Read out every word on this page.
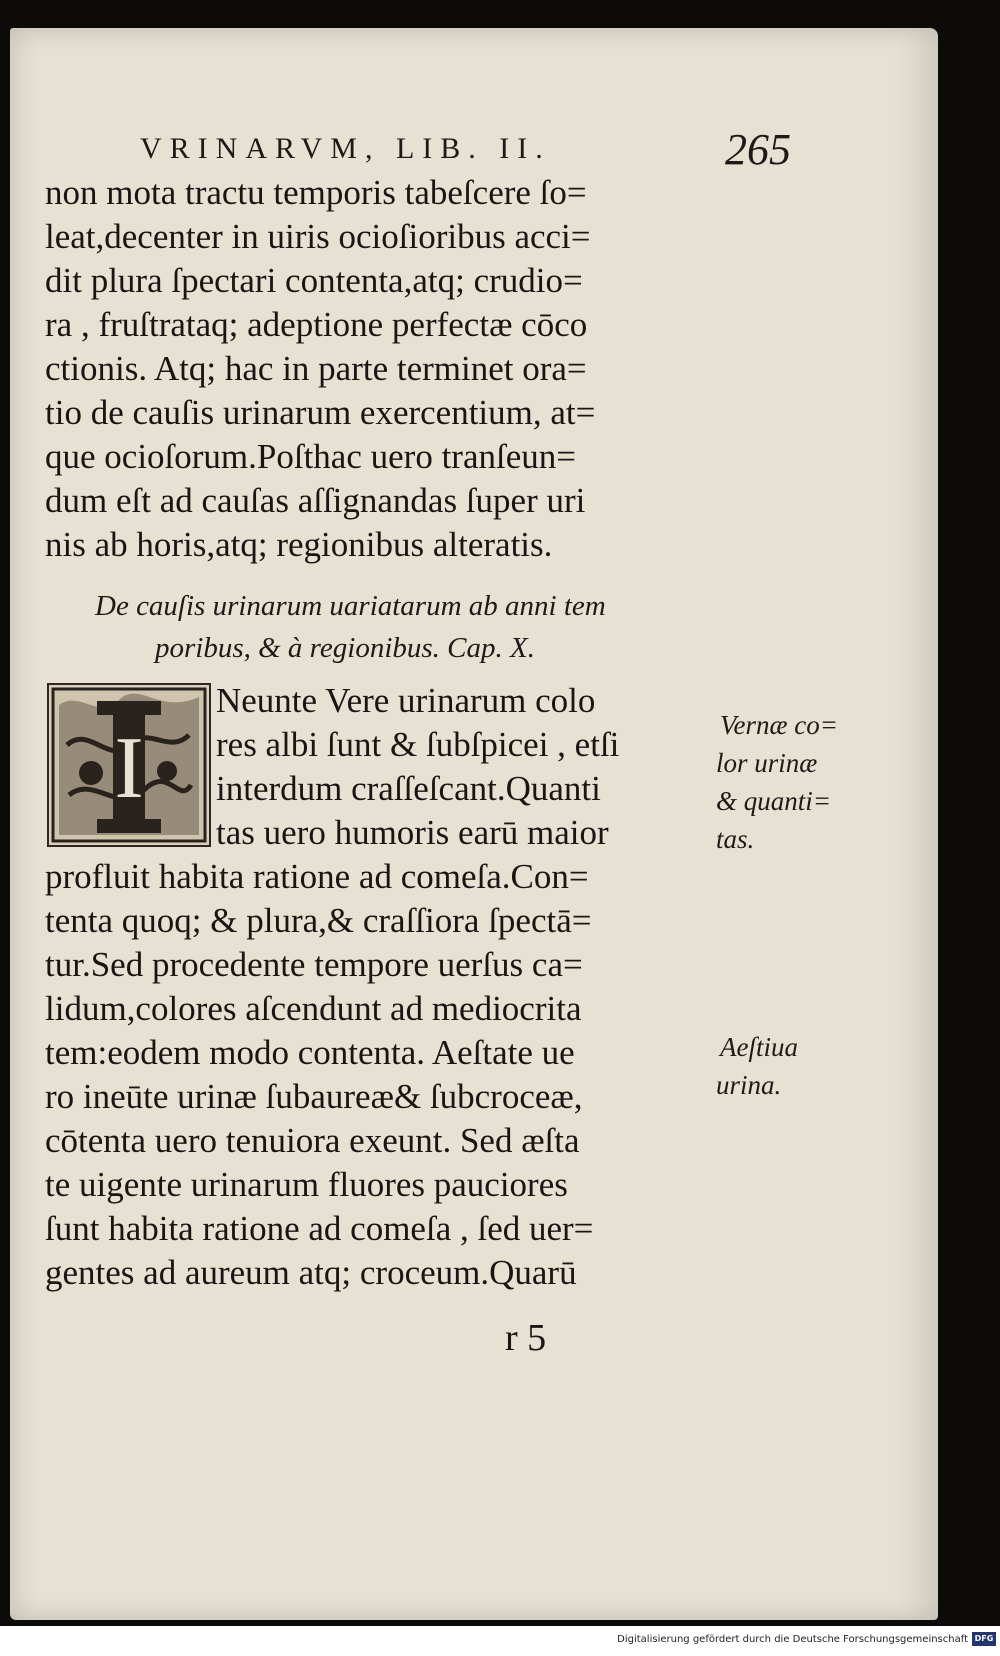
VRINARVM, LIB. II.	265
non mota tractu temporis tabeſcere ſo=
leat,decenter in uiris ocioſioribus acci=
dit plura ſpectari contenta,atq; crudio=
ra , fruſtrataq; adeptione perfectæ cōco
ctionis. Atq; hac in parte terminet ora=
tio de cauſis urinarum exercentium, at=
que ocioſorum.Poſthac uero tranſeun=
dum eſt ad cauſas aſſignandas ſuper uri
nis ab horis,atq; regionibus alteratis.
De cauſis urinarum uariatarum ab anni tem
poribus, & à regionibus. Cap. X.
I
Neunte Vere urinarum colo
res albi ſunt & ſubſpicei , etſi
interdum craſſeſcant.Quanti
tas uero humoris earū maior
profluit habita ratione ad comeſa.Con=
tenta quoq; & plura,& craſſiora ſpectā=
tur.Sed procedente tempore uerſus ca=
lidum,colores aſcendunt ad mediocrita
tem:eodem modo contenta. Aeſtate ue
ro ineūte urinæ ſubaureæ& ſubcroceæ,
cōtenta uero tenuiora exeunt. Sed æſta
te uigente urinarum fluores pauciores
ſunt habita ratione ad comeſa , ſed uer=
gentes ad aureum atq; croceum.Quarū
Vernæ co=
lor urinæ
& quanti=
tas.
Aeſtiua
urina.
r 5
Digitalisierung gefördert durch die Deutsche Forschungsgemeinschaft DFG
